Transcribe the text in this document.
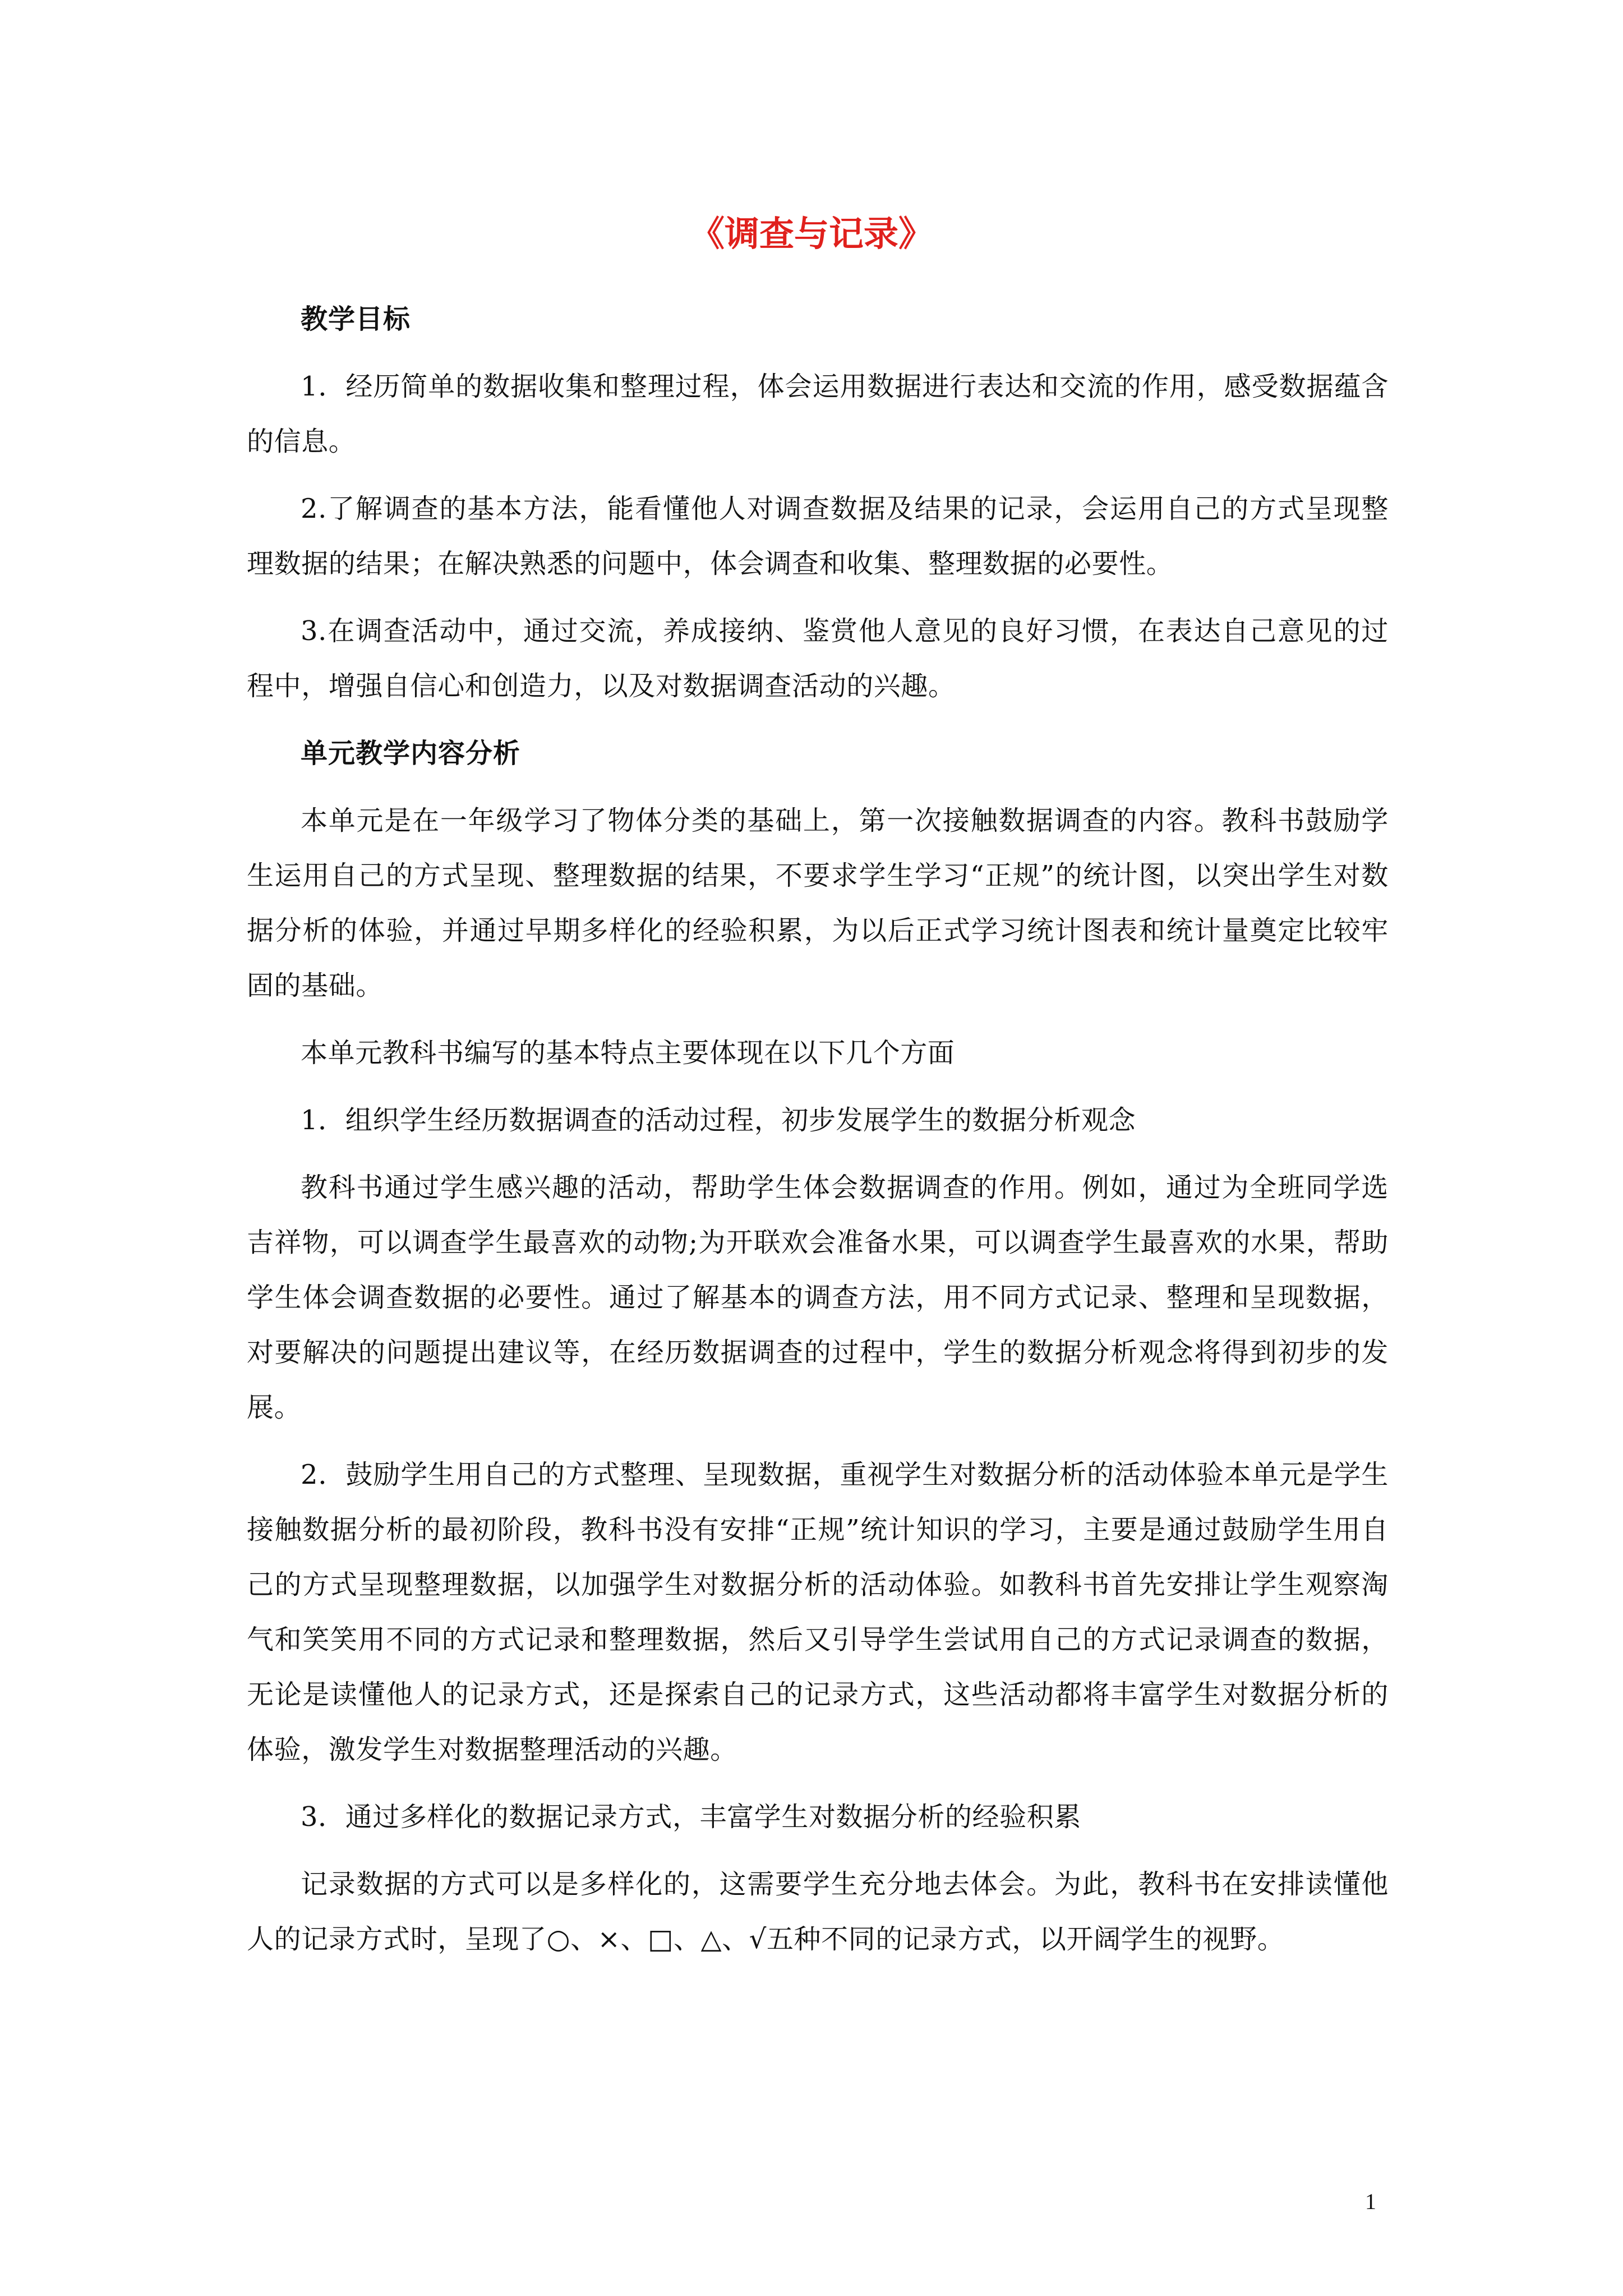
《调查与记录》

教学目标

1．经历简单的数据收集和整理过程，体会运用数据进行表达和交流的作用，感受数据蕴含的信息。

2.了解调查的基本方法，能看懂他人对调查数据及结果的记录，会运用自己的方式呈现整理数据的结果；在解决熟悉的问题中，体会调查和收集、整理数据的必要性。

3.在调查活动中，通过交流，养成接纳、鉴赏他人意见的良好习惯，在表达自己意见的过程中，增强自信心和创造力，以及对数据调查活动的兴趣。

单元教学内容分析

本单元是在一年级学习了物体分类的基础上，第一次接触数据调查的内容。教科书鼓励学生运用自己的方式呈现、整理数据的结果，不要求学生学习“正规”的统计图，以突出学生对数据分析的体验，并通过早期多样化的经验积累，为以后正式学习统计图表和统计量奠定比较牢固的基础。

本单元教科书编写的基本特点主要体现在以下几个方面

1．组织学生经历数据调查的活动过程，初步发展学生的数据分析观念

教科书通过学生感兴趣的活动，帮助学生体会数据调查的作用。例如，通过为全班同学选吉祥物，可以调查学生最喜欢的动物;为开联欢会准备水果，可以调查学生最喜欢的水果，帮助学生体会调查数据的必要性。通过了解基本的调查方法，用不同方式记录、整理和呈现数据，对要解决的问题提出建议等，在经历数据调查的过程中，学生的数据分析观念将得到初步的发展。

2．鼓励学生用自己的方式整理、呈现数据，重视学生对数据分析的活动体验本单元是学生接触数据分析的最初阶段，教科书没有安排“正规”统计知识的学习，主要是通过鼓励学生用自己的方式呈现整理数据，以加强学生对数据分析的活动体验。如教科书首先安排让学生观察淘气和笑笑用不同的方式记录和整理数据，然后又引导学生尝试用自己的方式记录调查的数据，无论是读懂他人的记录方式，还是探索自己的记录方式，这些活动都将丰富学生对数据分析的体验，激发学生对数据整理活动的兴趣。

3．通过多样化的数据记录方式，丰富学生对数据分析的经验积累

记录数据的方式可以是多样化的，这需要学生充分地去体会。为此，教科书在安排读懂他人的记录方式时，呈现了○、×、□、△、√五种不同的记录方式，以开阔学生的视野。

1
